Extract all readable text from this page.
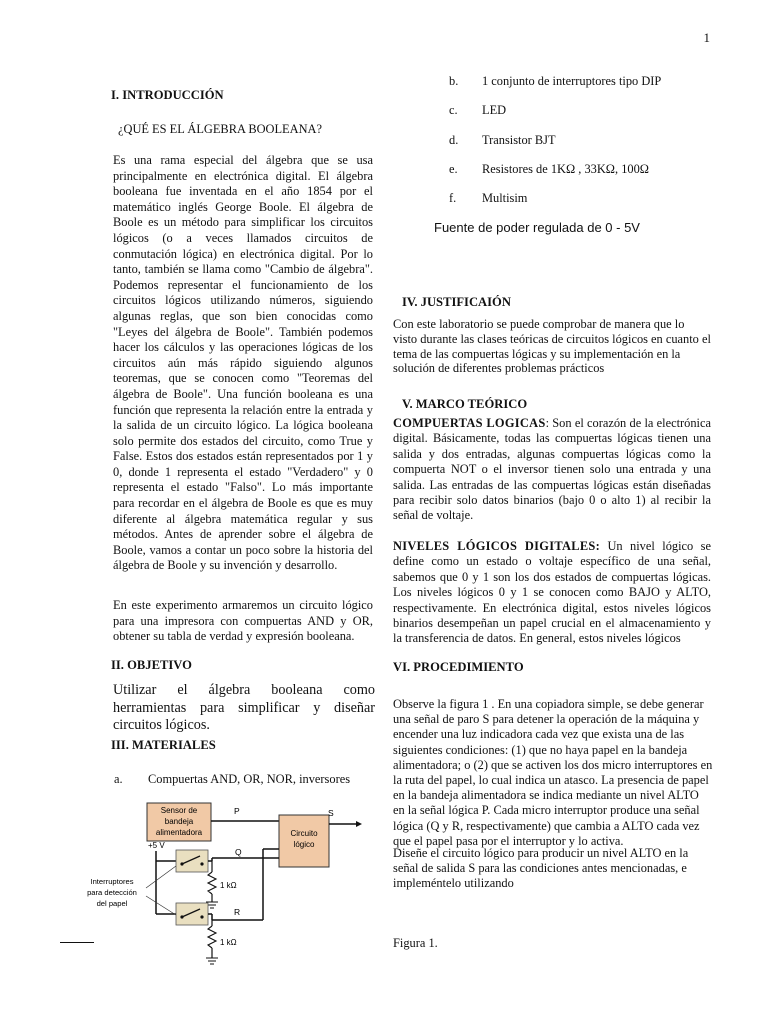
1
I. INTRODUCCIÓN
¿QUÉ ES EL ÁLGEBRA BOOLEANA?

Es una rama especial del álgebra que se usa principalmente en electrónica digital. El álgebra booleana fue inventada en el año 1854 por el matemático inglés George Boole. El álgebra de Boole es un método para simplificar los circuitos lógicos (o a veces llamados circuitos de conmutación lógica) en electrónica digital. Por lo tanto, también se llama como "Cambio de álgebra". Podemos representar el funcionamiento de los circuitos lógicos utilizando números, siguiendo algunas reglas, que son bien conocidas como "Leyes del álgebra de Boole". También podemos hacer los cálculos y las operaciones lógicas de los circuitos aún más rápido siguiendo algunos teoremas, que se conocen como "Teoremas del álgebra de Boole". Una función booleana es una función que representa la relación entre la entrada y la salida de un circuito lógico. La lógica booleana solo permite dos estados del circuito, como True y False. Estos dos estados están representados por 1 y 0, donde 1 representa el estado "Verdadero" y 0 representa el estado "Falso". Lo más importante para recordar en el álgebra de Boole es que es muy diferente al álgebra matemática regular y sus métodos. Antes de aprender sobre el álgebra de Boole, vamos a contar un poco sobre la historia del álgebra de Boole y su invención y desarrollo.

En este experimento armaremos un circuito lógico para una impresora con compuertas AND y OR, obtener su tabla de verdad y expresión booleana.

II. OBJETIVO

Utilizar el álgebra booleana como herramientas para simplificar y diseñar circuitos lógicos.

III. MATERIALES
a. Compuertas AND, OR, NOR, inversores
Sensor de
bandeja
alimentadora
P
Circuito
lógico
S
+5 V
Q
1 kΩ
R
1 kΩ
Interruptores
para detección
del papel
b. 1 conjunto de interruptores tipo DIP
c. LED
d. Transistor BJT
e. Resistores de 1KΩ , 33KΩ, 100Ω
f. Multisim
Fuente de poder regulada de 0 - 5V
IV. JUSTIFICAIÓN

Con este laboratorio se puede comprobar de manera que lo visto durante las clases teóricas de circuitos lógicos en cuanto el tema de las compuertas lógicas y su implementación en la solución de diferentes problemas prácticos

V. MARCO TEÓRICO

COMPUERTAS LOGICAS: Son el corazón de la electrónica digital. Básicamente, todas las compuertas lógicas tienen una salida y dos entradas, algunas compuertas lógicas como la compuerta NOT o el inversor tienen solo una entrada y una salida. Las entradas de las compuertas lógicas están diseñadas para recibir solo datos binarios (bajo 0 o alto 1) al recibir la señal de voltaje.

NIVELES LÓGICOS DIGITALES: Un nivel lógico se define como un estado o voltaje específico de una señal, sabemos que 0 y 1 son los dos estados de compuertas lógicas. Los niveles lógicos 0 y 1 se conocen como BAJO y ALTO, respectivamente. En electrónica digital, estos niveles lógicos binarios desempeñan un papel crucial en el almacenamiento y la transferencia de datos. En general, estos niveles lógicos

VI. PROCEDIMIENTO

Observe la figura 1 . En una copiadora simple, se debe generar una señal de paro S para detener la operación de la máquina y encender una luz indicadora cada vez que exista una de las siguientes condiciones: (1) que no haya papel en la bandeja alimentadora; o (2) que se activen los dos micro interruptores en la ruta del papel, lo cual indica un atasco. La presencia de papel en la bandeja alimentadora se indica mediante un nivel ALTO en la señal lógica P. Cada micro interruptor produce una señal lógica (Q y R, respectivamente) que cambia a ALTO cada vez que el papel pasa por el interruptor y lo activa.

Diseñe el circuito lógico para producir un nivel ALTO en la señal de salida S para las condiciones antes mencionadas, e impleméntelo utilizando

Figura 1.
